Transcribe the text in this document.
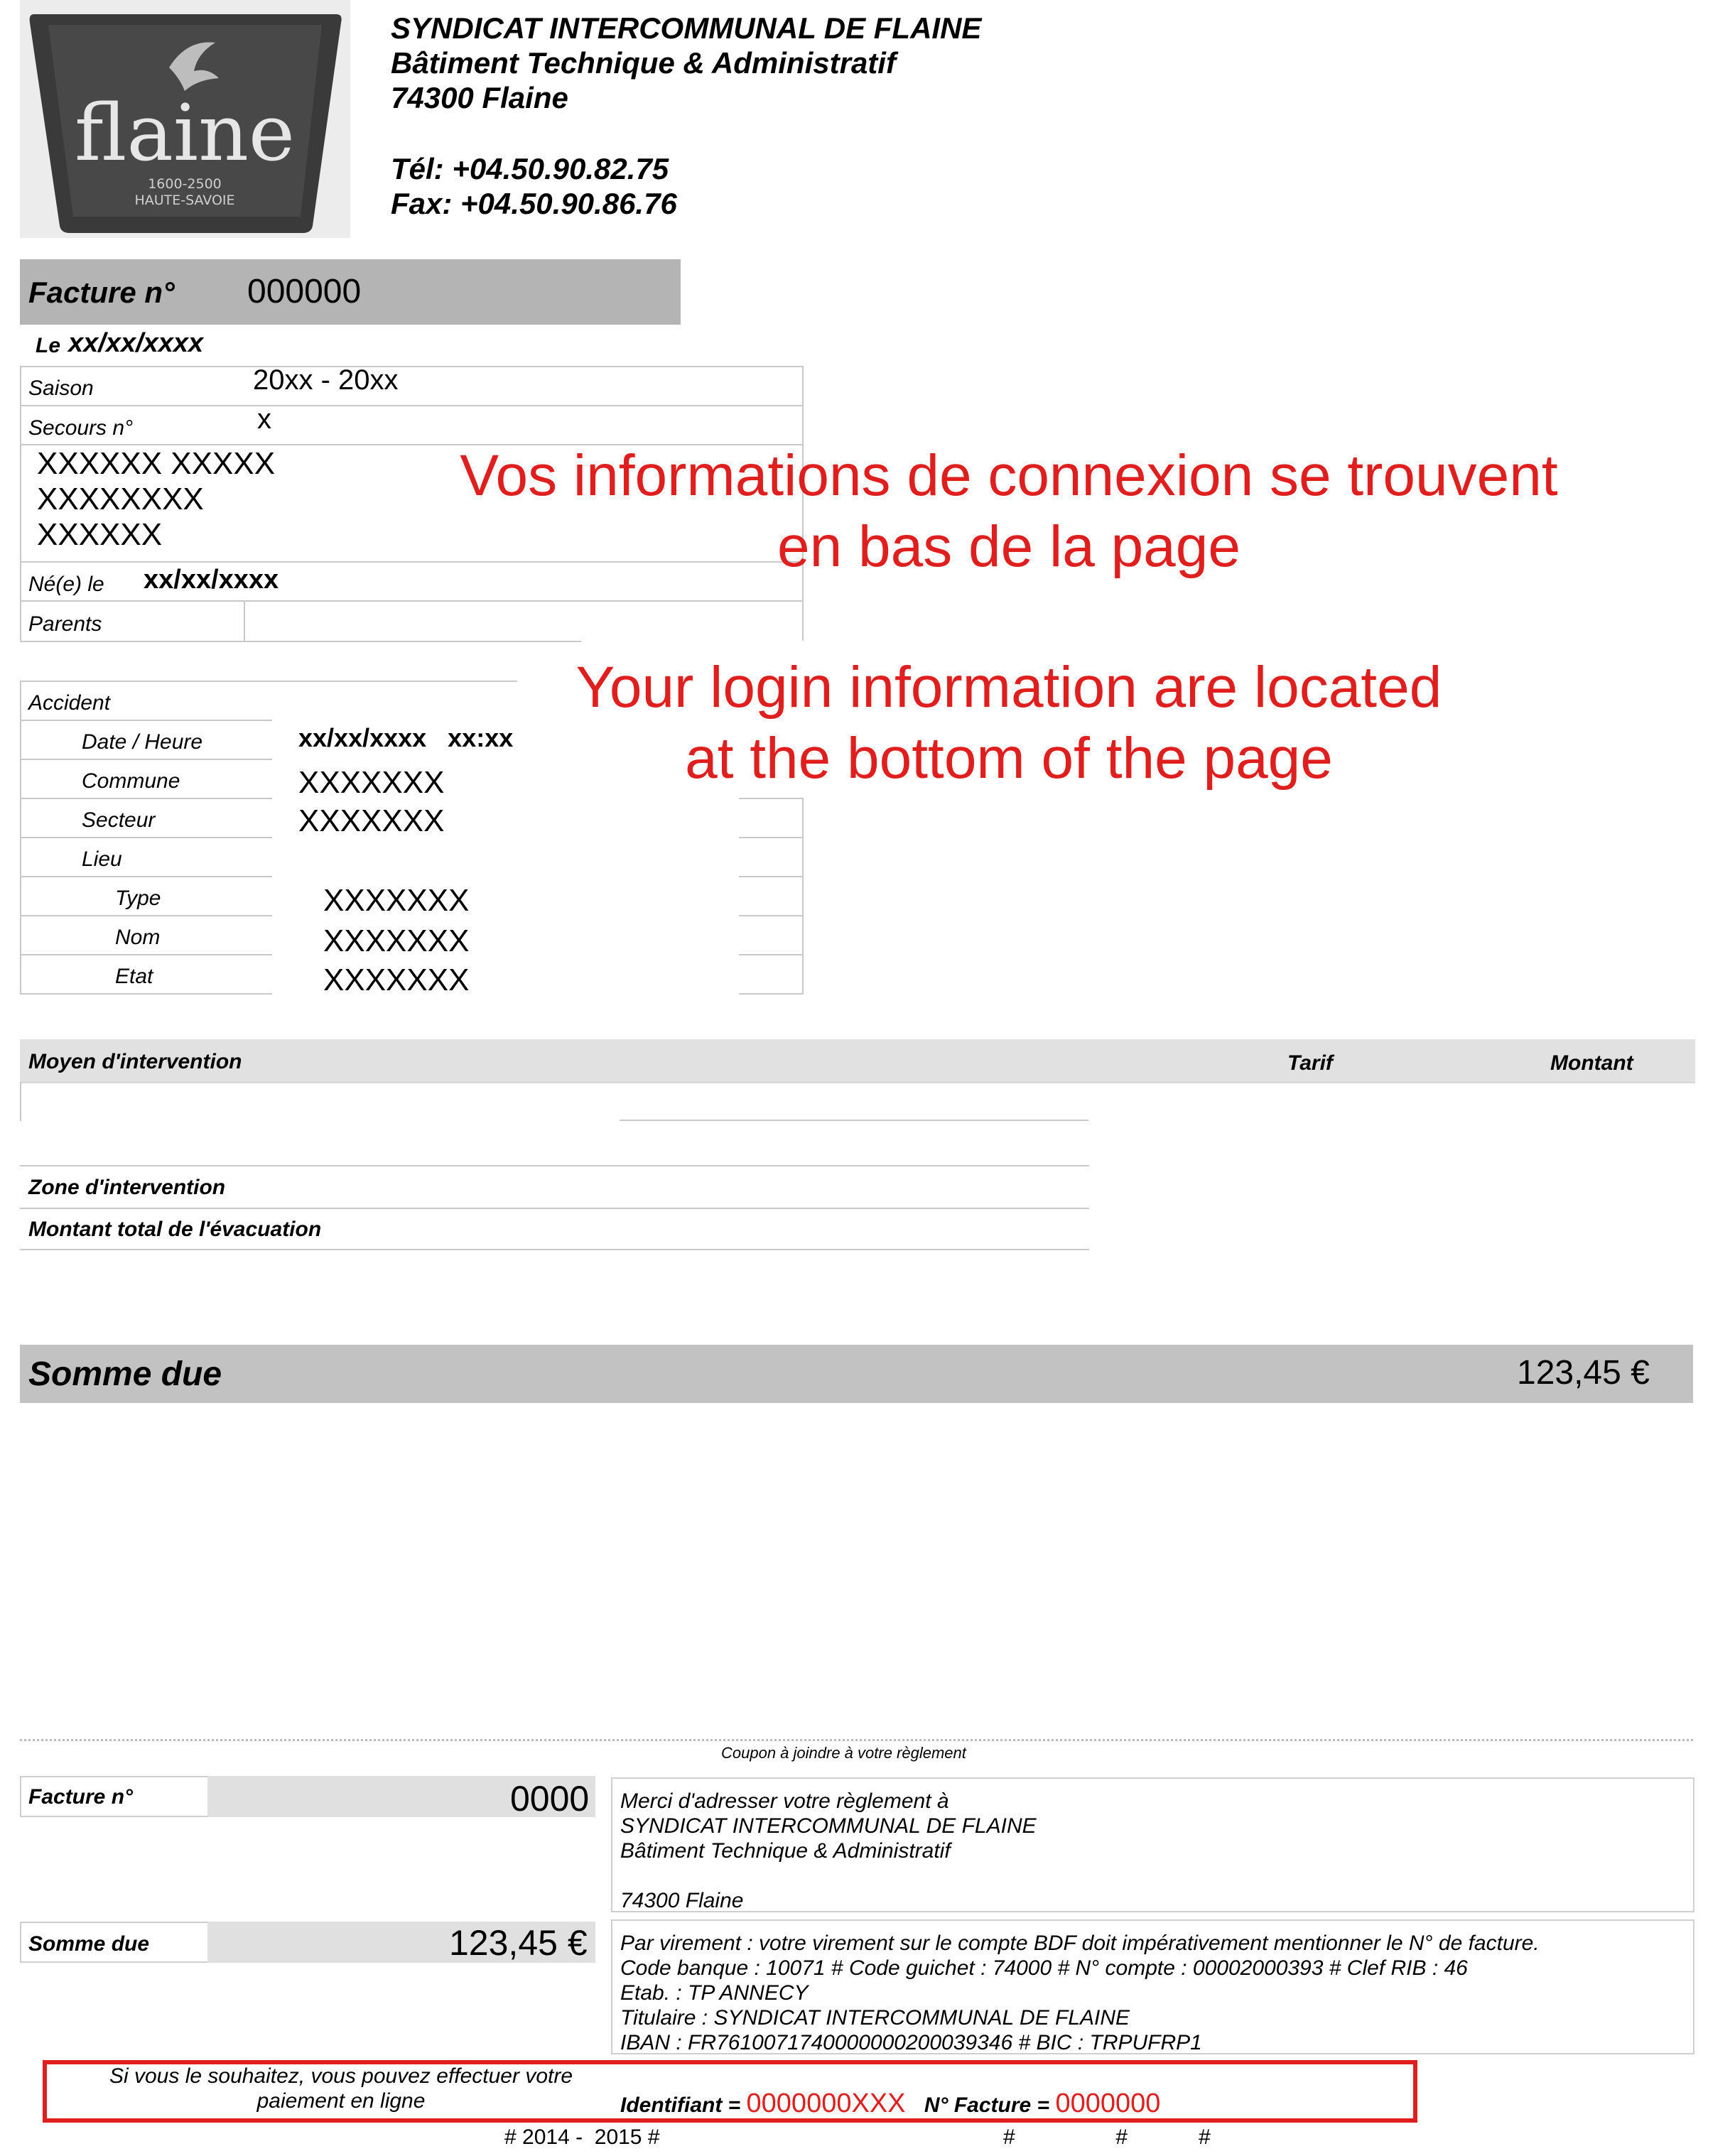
flaine
1600-2500
HAUTE-SAVOIE
SYNDICAT INTERCOMMUNAL DE FLAINE
Bâtiment Technique & Administratif
74300 Flaine
Tél: +04.50.90.82.75
Fax: +04.50.90.86.76
Facture n° 000000
Le xx/xx/xxxx
Saison	20xx - 20xx
Secours n°	x
XXXXXX XXXXX
XXXXXXXX
XXXXXX
Né(e) le xx/xx/xxxx
Parents
Vos informations de connexion se trouvent
en bas de la page
Your login information are located
at the bottom of the page
Accident
Date / Heure	xx/xx/xxxx   xx:xx
Commune	XXXXXXX
Secteur	XXXXXXX
Lieu
Type	XXXXXXX
Nom	XXXXXXX
Etat	XXXXXXX
Moyen d'intervention	Tarif	Montant
Zone d'intervention
Montant total de l'évacuation
Somme due	123,45 €
Coupon à joindre à votre règlement
Facture n°	0000
Somme due	123,45 €
Merci d'adresser votre règlement à
SYNDICAT INTERCOMMUNAL DE FLAINE
Bâtiment Technique & Administratif
74300 Flaine
Par virement : votre virement sur le compte BDF doit impérativement mentionner le N° de facture.
Code banque : 10071 # Code guichet : 74000 # N° compte : 00002000393 # Clef RIB : 46
Etab. : TP ANNECY
Titulaire : SYNDICAT INTERCOMMUNAL DE FLAINE
IBAN : FR7610071740000000200039346 # BIC : TRPUFRP1
Si vous le souhaitez, vous pouvez effectuer votre
paiement en ligne	Identifiant = 0000000XXX N° Facture = 0000000
# 2014 -  2015 #	#                 #            #
